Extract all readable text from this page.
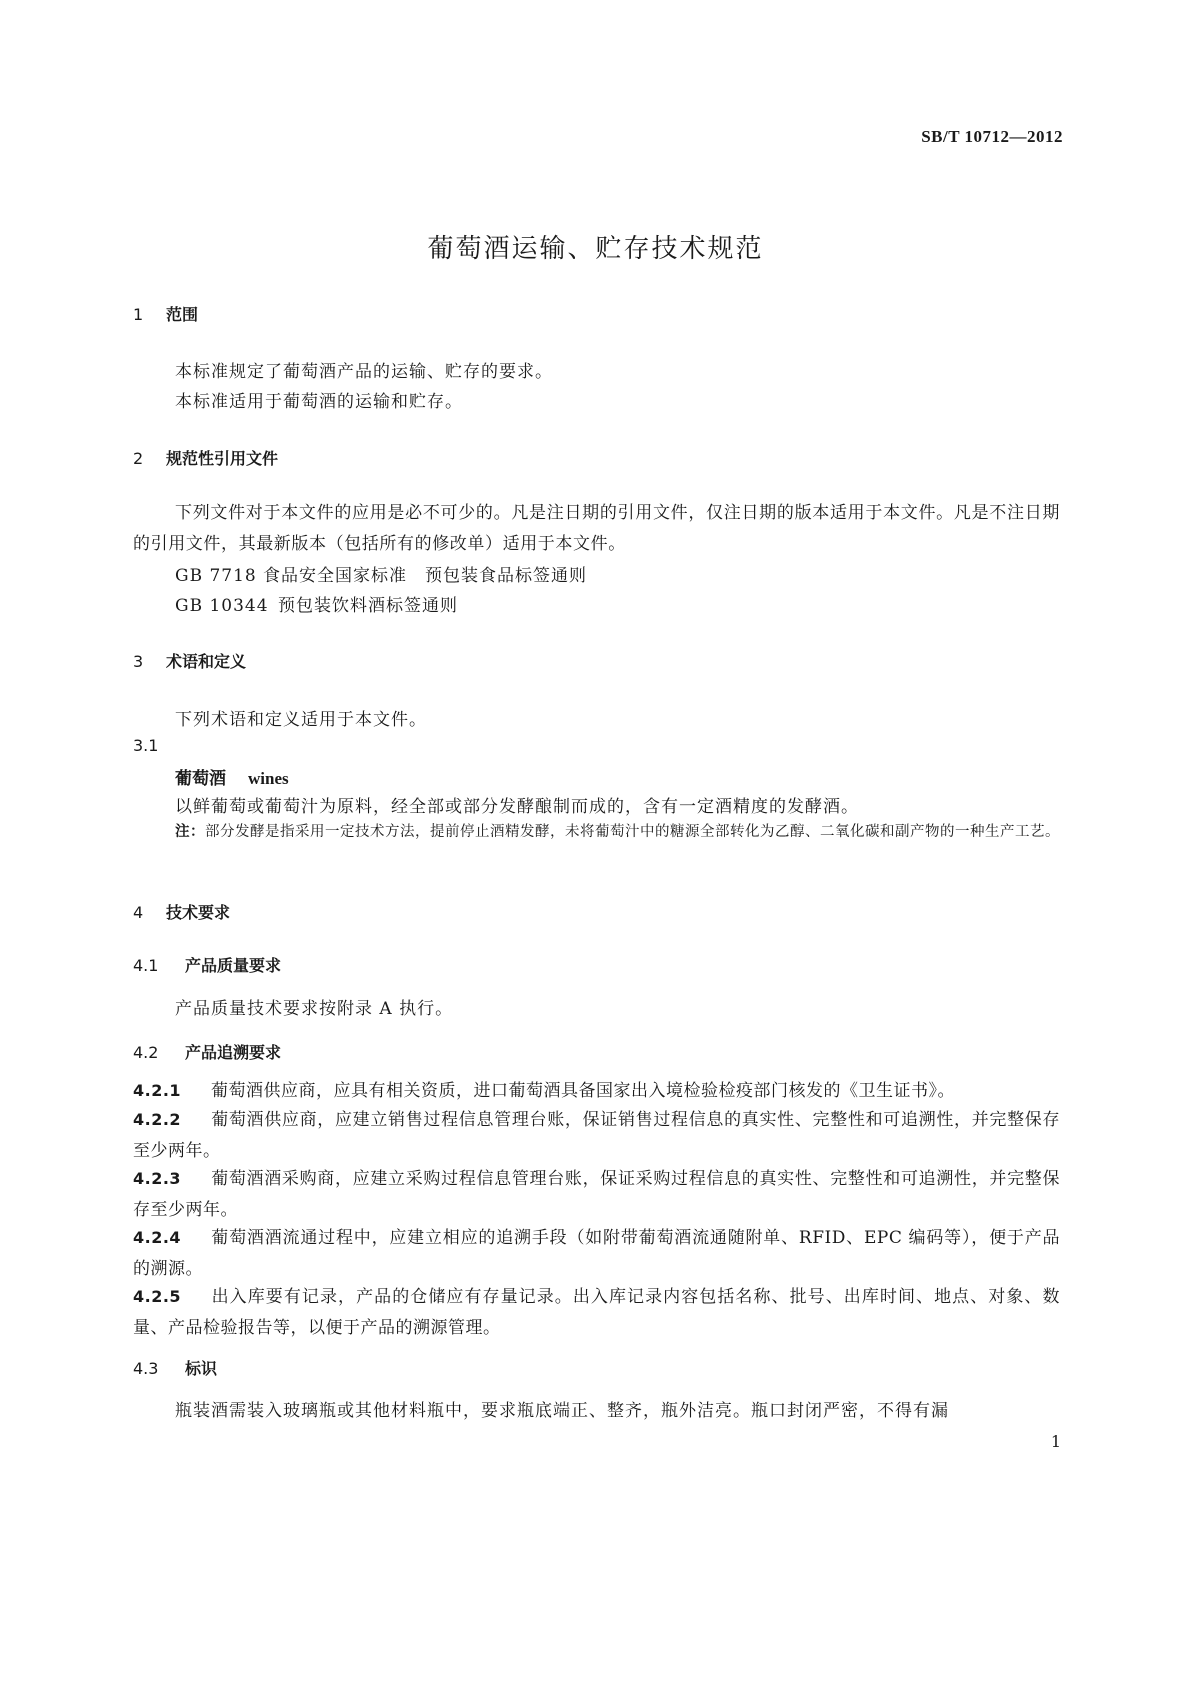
SB/T 10712—2012
葡萄酒运输、贮存技术规范
1 范围
本标准规定了葡萄酒产品的运输、贮存的要求。
本标准适用于葡萄酒的运输和贮存。
2 规范性引用文件
下列文件对于本文件的应用是必不可少的。凡是注日期的引用文件，仅注日期的版本适用于本文件。凡是不注日期的引用文件，其最新版本（包括所有的修改单）适用于本文件。
GB 7718 食品安全国家标准　预包装食品标签通则
GB 10344 预包装饮料酒标签通则
3 术语和定义
下列术语和定义适用于本文件。
3.1
葡萄酒 wines
以鲜葡萄或葡萄汁为原料，经全部或部分发酵酿制而成的，含有一定酒精度的发酵酒。
注：部分发酵是指采用一定技术方法，提前停止酒精发酵，未将葡萄汁中的糖源全部转化为乙醇、二氧化碳和副产物的一种生产工艺。
4 技术要求
4.1 产品质量要求
产品质量技术要求按附录 A 执行。
4.2 产品追溯要求
4.2.1 葡萄酒供应商，应具有相关资质，进口葡萄酒具备国家出入境检验检疫部门核发的《卫生证书》。
4.2.2 葡萄酒供应商，应建立销售过程信息管理台账，保证销售过程信息的真实性、完整性和可追溯性，并完整保存至少两年。
4.2.3 葡萄酒酒采购商，应建立采购过程信息管理台账，保证采购过程信息的真实性、完整性和可追溯性，并完整保存至少两年。
4.2.4 葡萄酒酒流通过程中，应建立相应的追溯手段（如附带葡萄酒流通随附单、RFID、EPC 编码等），便于产品的溯源。
4.2.5 出入库要有记录，产品的仓储应有存量记录。出入库记录内容包括名称、批号、出库时间、地点、对象、数量、产品检验报告等，以便于产品的溯源管理。
4.3 标识
瓶装酒需装入玻璃瓶或其他材料瓶中，要求瓶底端正、整齐，瓶外洁亮。瓶口封闭严密，不得有漏
1
